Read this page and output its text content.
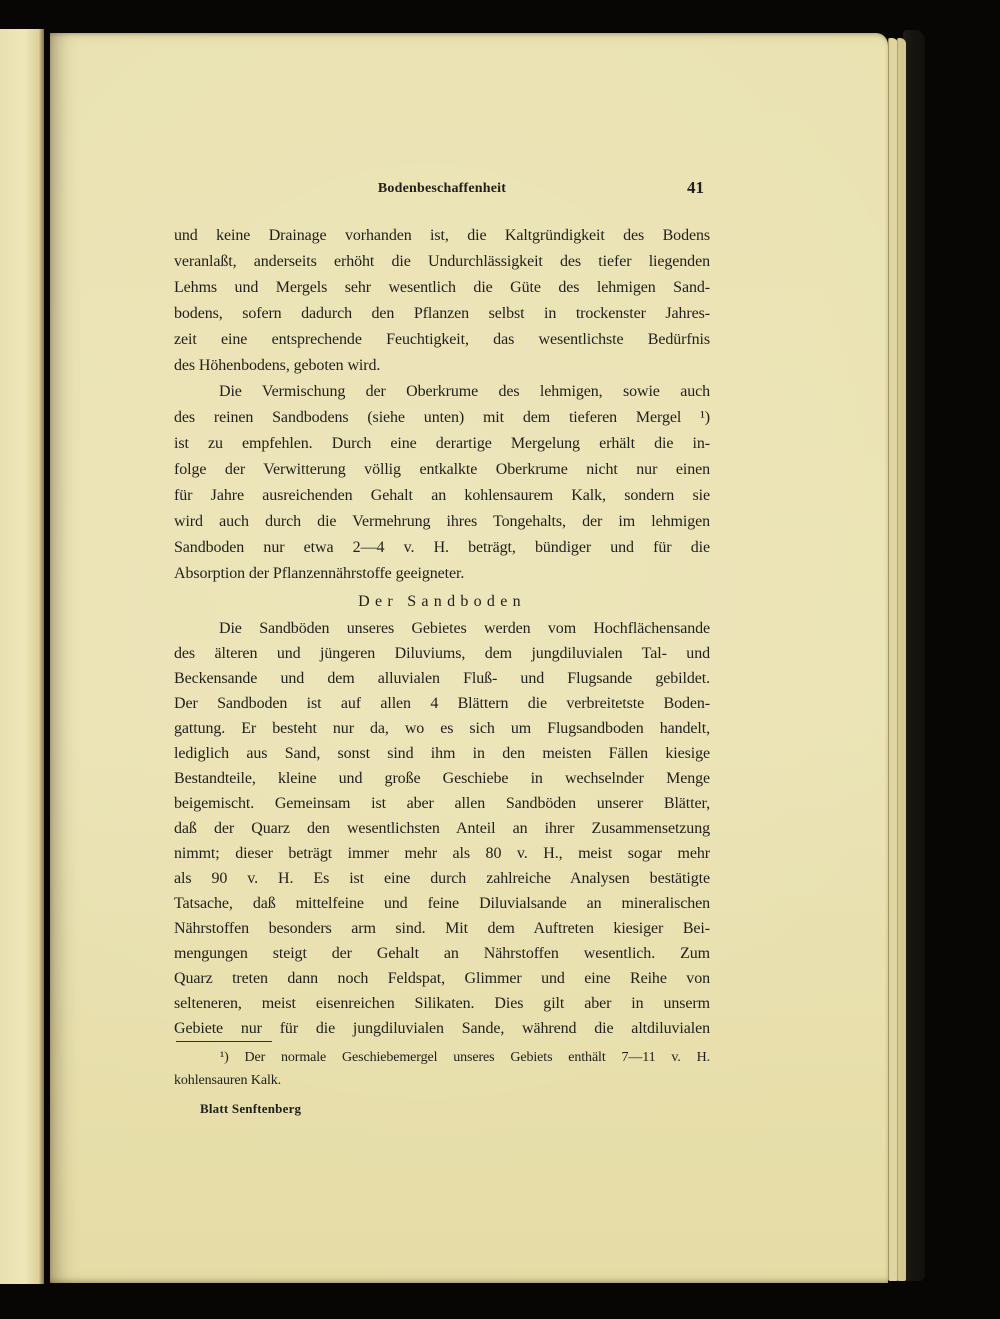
Bodenbeschaffenheit	41
und keine Drainage vorhanden ist, die Kaltgründigkeit des Bodens
veranlaßt, anderseits erhöht die Undurchlässigkeit des tiefer liegenden
Lehms und Mergels sehr wesentlich die Güte des lehmigen Sand-
bodens, sofern dadurch den Pflanzen selbst in trockenster Jahres-
zeit eine entsprechende Feuchtigkeit, das wesentlichste Bedürfnis
des Höhenbodens, geboten wird.
Die Vermischung der Oberkrume des lehmigen, sowie auch
des reinen Sandbodens (siehe unten) mit dem tieferen Mergel ¹)
ist zu empfehlen. Durch eine derartige Mergelung erhält die in-
folge der Verwitterung völlig entkalkte Oberkrume nicht nur einen
für Jahre ausreichenden Gehalt an kohlensaurem Kalk, sondern sie
wird auch durch die Vermehrung ihres Tongehalts, der im lehmigen
Sandboden nur etwa 2—4 v. H. beträgt, bündiger und für die
Absorption der Pflanzennährstoffe geeigneter.
Der Sandboden
Die Sandböden unseres Gebietes werden vom Hochflächensande
des älteren und jüngeren Diluviums, dem jungdiluvialen Tal- und
Beckensande und dem alluvialen Fluß- und Flugsande gebildet.
Der Sandboden ist auf allen 4 Blättern die verbreitetste Boden-
gattung. Er besteht nur da, wo es sich um Flugsandboden handelt,
lediglich aus Sand, sonst sind ihm in den meisten Fällen kiesige
Bestandteile, kleine und große Geschiebe in wechselnder Menge
beigemischt. Gemeinsam ist aber allen Sandböden unserer Blätter,
daß der Quarz den wesentlichsten Anteil an ihrer Zusammensetzung
nimmt; dieser beträgt immer mehr als 80 v. H., meist sogar mehr
als 90 v. H. Es ist eine durch zahlreiche Analysen bestätigte
Tatsache, daß mittelfeine und feine Diluvialsande an mineralischen
Nährstoffen besonders arm sind. Mit dem Auftreten kiesiger Bei-
mengungen steigt der Gehalt an Nährstoffen wesentlich. Zum
Quarz treten dann noch Feldspat, Glimmer und eine Reihe von
selteneren, meist eisenreichen Silikaten. Dies gilt aber in unserm
Gebiete nur für die jungdiluvialen Sande, während die altdiluvialen
¹) Der normale Geschiebemergel unseres Gebiets enthält 7—11 v. H.
kohlensauren Kalk.
Blatt Senftenberg
